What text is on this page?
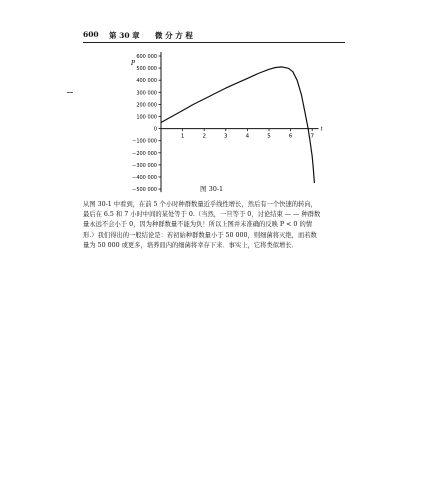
600 第 30 章 微 分 方 程
P
600 000
500 000
400 000
300 000
200 000
100 000
0
−100 000
−200 000
−300 000
−400 000
−500 000
t
1	2	3	4	5	6	7
图 30-1
从图 30-1 中看到，在前 5 个小时种群数量近乎线性增长，然后有一个快速的转向，
最后在 6.5 和 7 小时中间的某处等于 0.（当然，一旦等于 0，讨论结束 — — 种群数
量永远不会小于 0，因为种群数量不能为负！所以上图并未准确的反映 P < 0 的情
形.）我们得出的一般结论是：若初始种群数量小于 50 000，则细菌将灭绝，而若数
量为 50 000 或更多，培养皿内的细菌将幸存下来．事实上，它将类似增长．
